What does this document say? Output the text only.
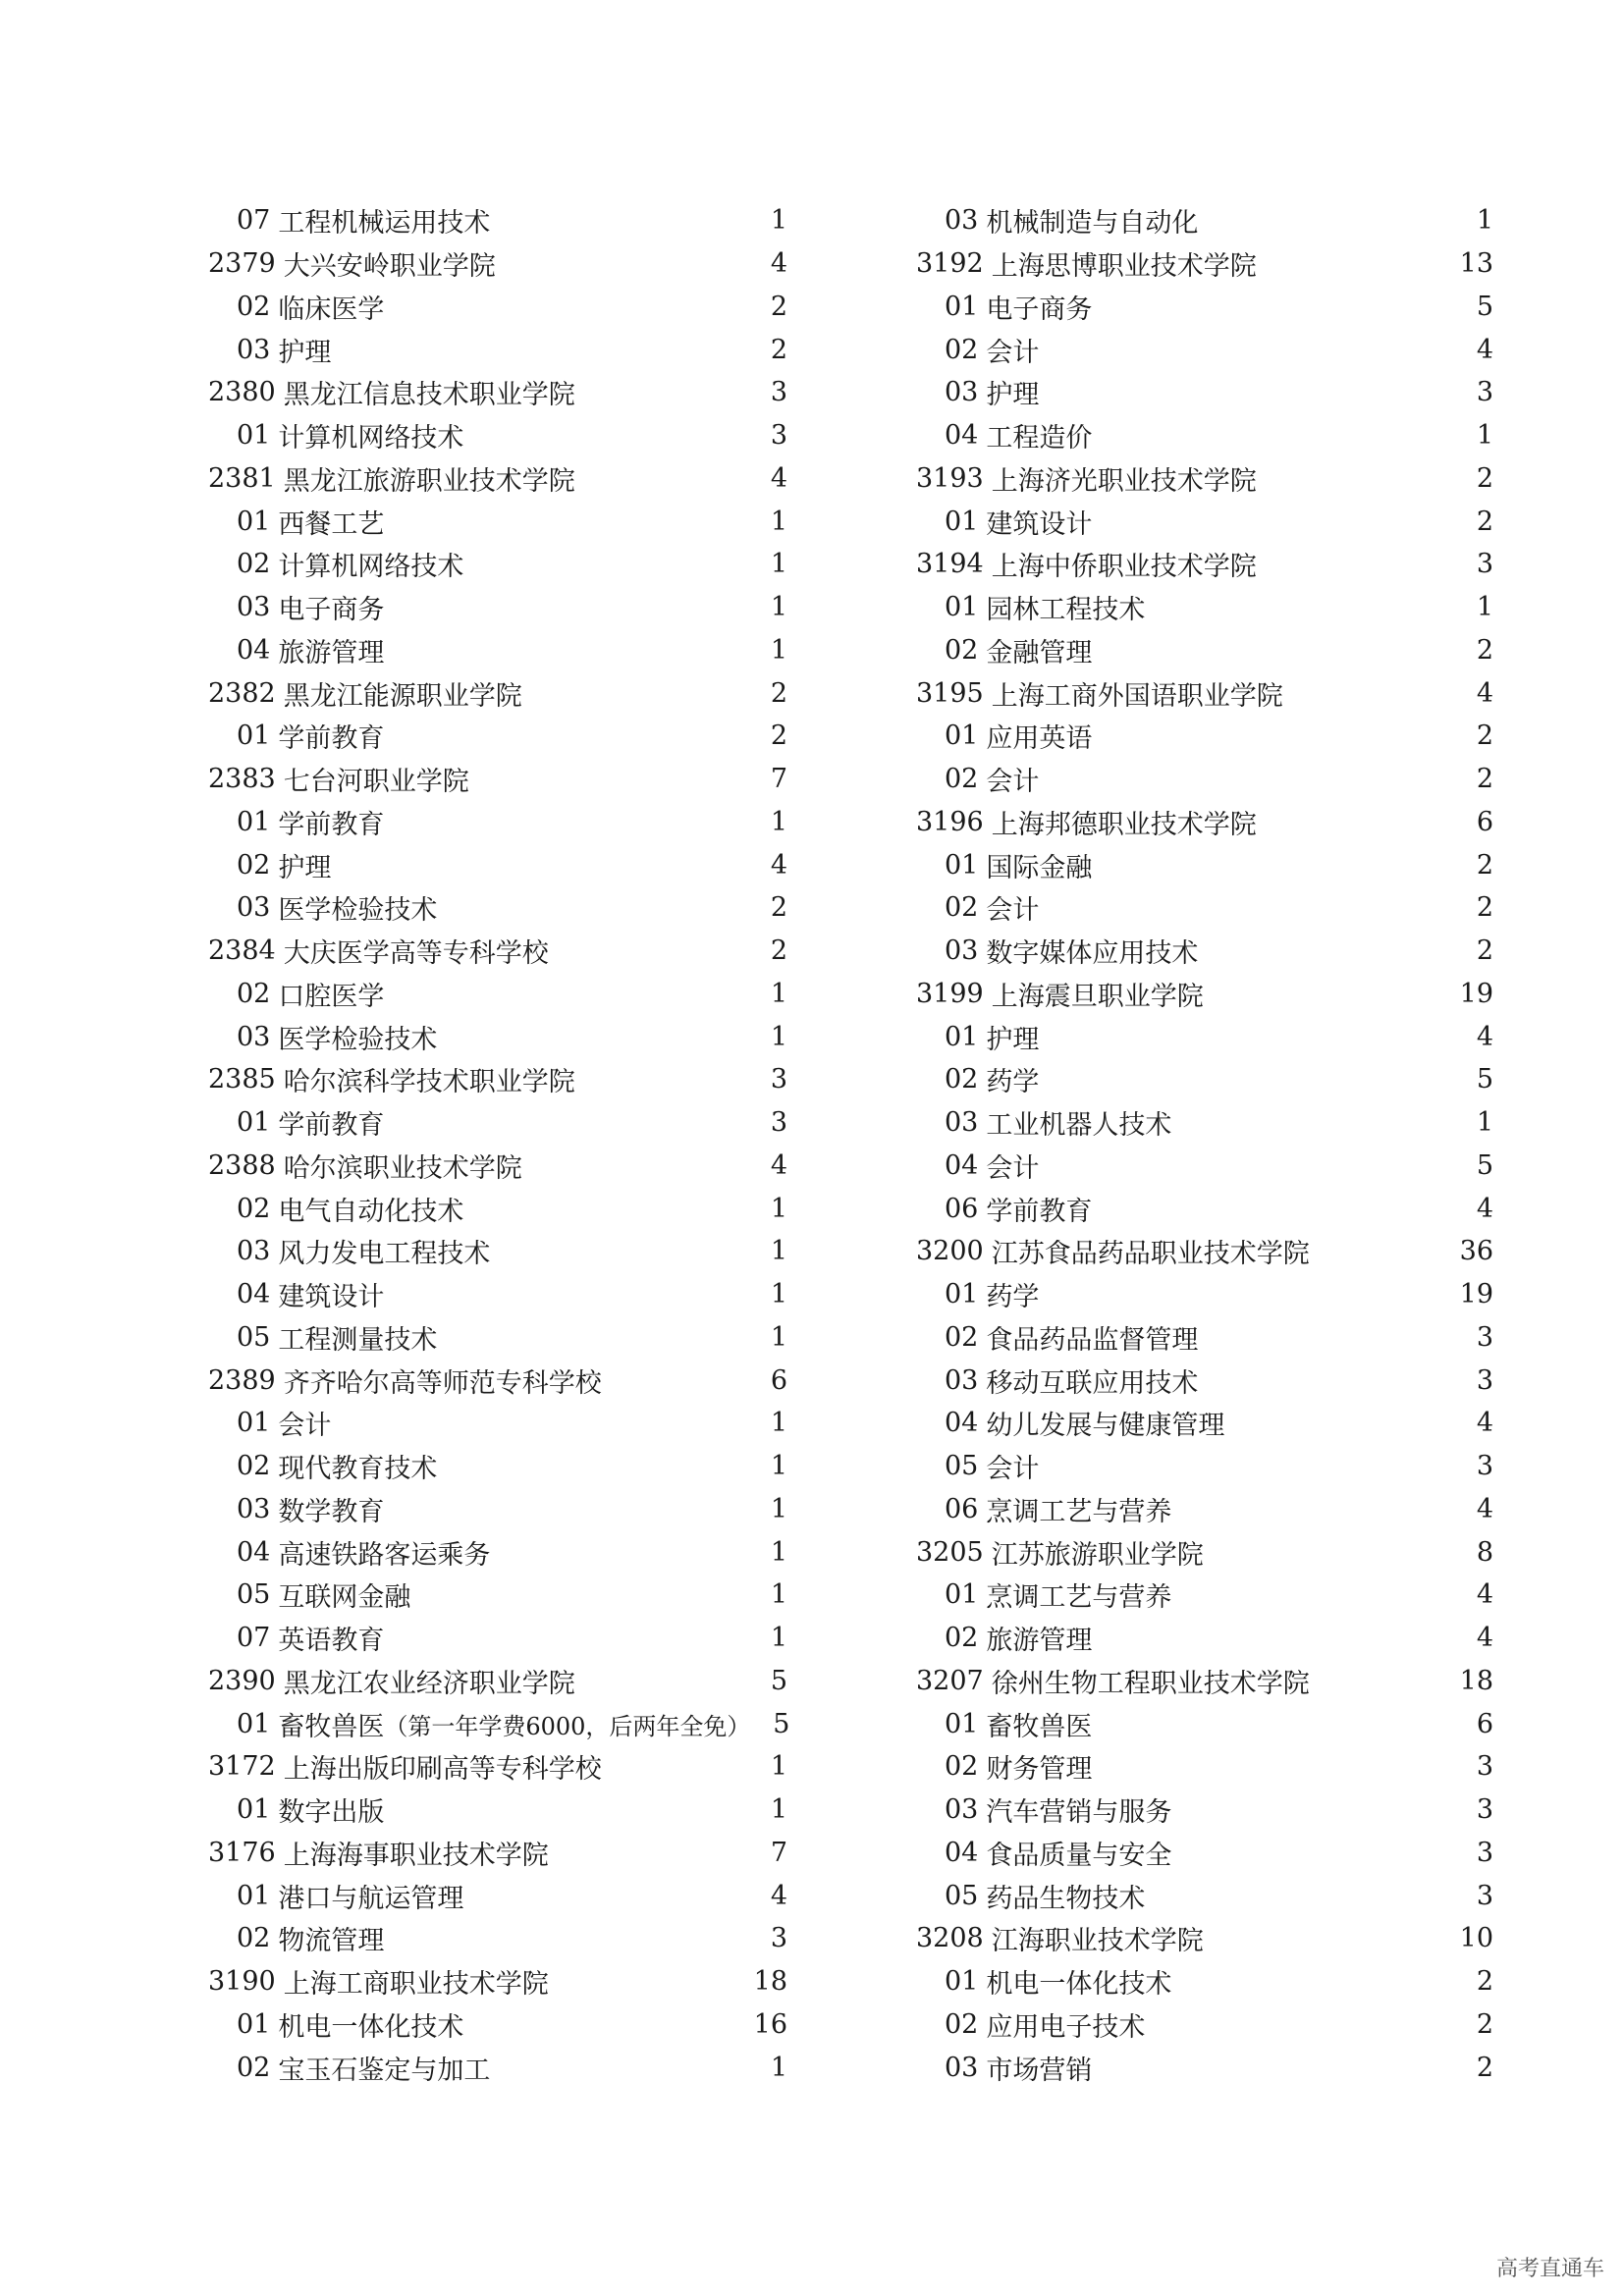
07 工程机械运用技术	1
2379 大兴安岭职业学院	4
02 临床医学	2
03 护理	2
2380 黑龙江信息技术职业学院	3
01 计算机网络技术	3
2381 黑龙江旅游职业技术学院	4
01 西餐工艺	1
02 计算机网络技术	1
03 电子商务	1
04 旅游管理	1
2382 黑龙江能源职业学院	2
01 学前教育	2
2383 七台河职业学院	7
01 学前教育	1
02 护理	4
03 医学检验技术	2
2384 大庆医学高等专科学校	2
02 口腔医学	1
03 医学检验技术	1
2385 哈尔滨科学技术职业学院	3
01 学前教育	3
2388 哈尔滨职业技术学院	4
02 电气自动化技术	1
03 风力发电工程技术	1
04 建筑设计	1
05 工程测量技术	1
2389 齐齐哈尔高等师范专科学校	6
01 会计	1
02 现代教育技术	1
03 数学教育	1
04 高速铁路客运乘务	1
05 互联网金融	1
07 英语教育	1
2390 黑龙江农业经济职业学院	5
01 畜牧兽医 （第一年学费6000，后两年全免） 5
3172 上海出版印刷高等专科学校	1
01 数字出版	1
3176 上海海事职业技术学院	7
01 港口与航运管理	4
02 物流管理	3
3190 上海工商职业技术学院	18
01 机电一体化技术	16
02 宝玉石鉴定与加工	1
03 机械制造与自动化	1
3192 上海思博职业技术学院	13
01 电子商务	5
02 会计	4
03 护理	3
04 工程造价	1
3193 上海济光职业技术学院	2
01 建筑设计	2
3194 上海中侨职业技术学院	3
01 园林工程技术	1
02 金融管理	2
3195 上海工商外国语职业学院	4
01 应用英语	2
02 会计	2
3196 上海邦德职业技术学院	6
01 国际金融	2
02 会计	2
03 数字媒体应用技术	2
3199 上海震旦职业学院	19
01 护理	4
02 药学	5
03 工业机器人技术	1
04 会计	5
06 学前教育	4
3200 江苏食品药品职业技术学院	36
01 药学	19
02 食品药品监督管理	3
03 移动互联应用技术	3
04 幼儿发展与健康管理	4
05 会计	3
06 烹调工艺与营养	4
3205 江苏旅游职业学院	8
01 烹调工艺与营养	4
02 旅游管理	4
3207 徐州生物工程职业技术学院	18
01 畜牧兽医	6
02 财务管理	3
03 汽车营销与服务	3
04 食品质量与安全	3
05 药品生物技术	3
3208 江海职业技术学院	10
01 机电一体化技术	2
02 应用电子技术	2
03 市场营销	2
高考直通车
